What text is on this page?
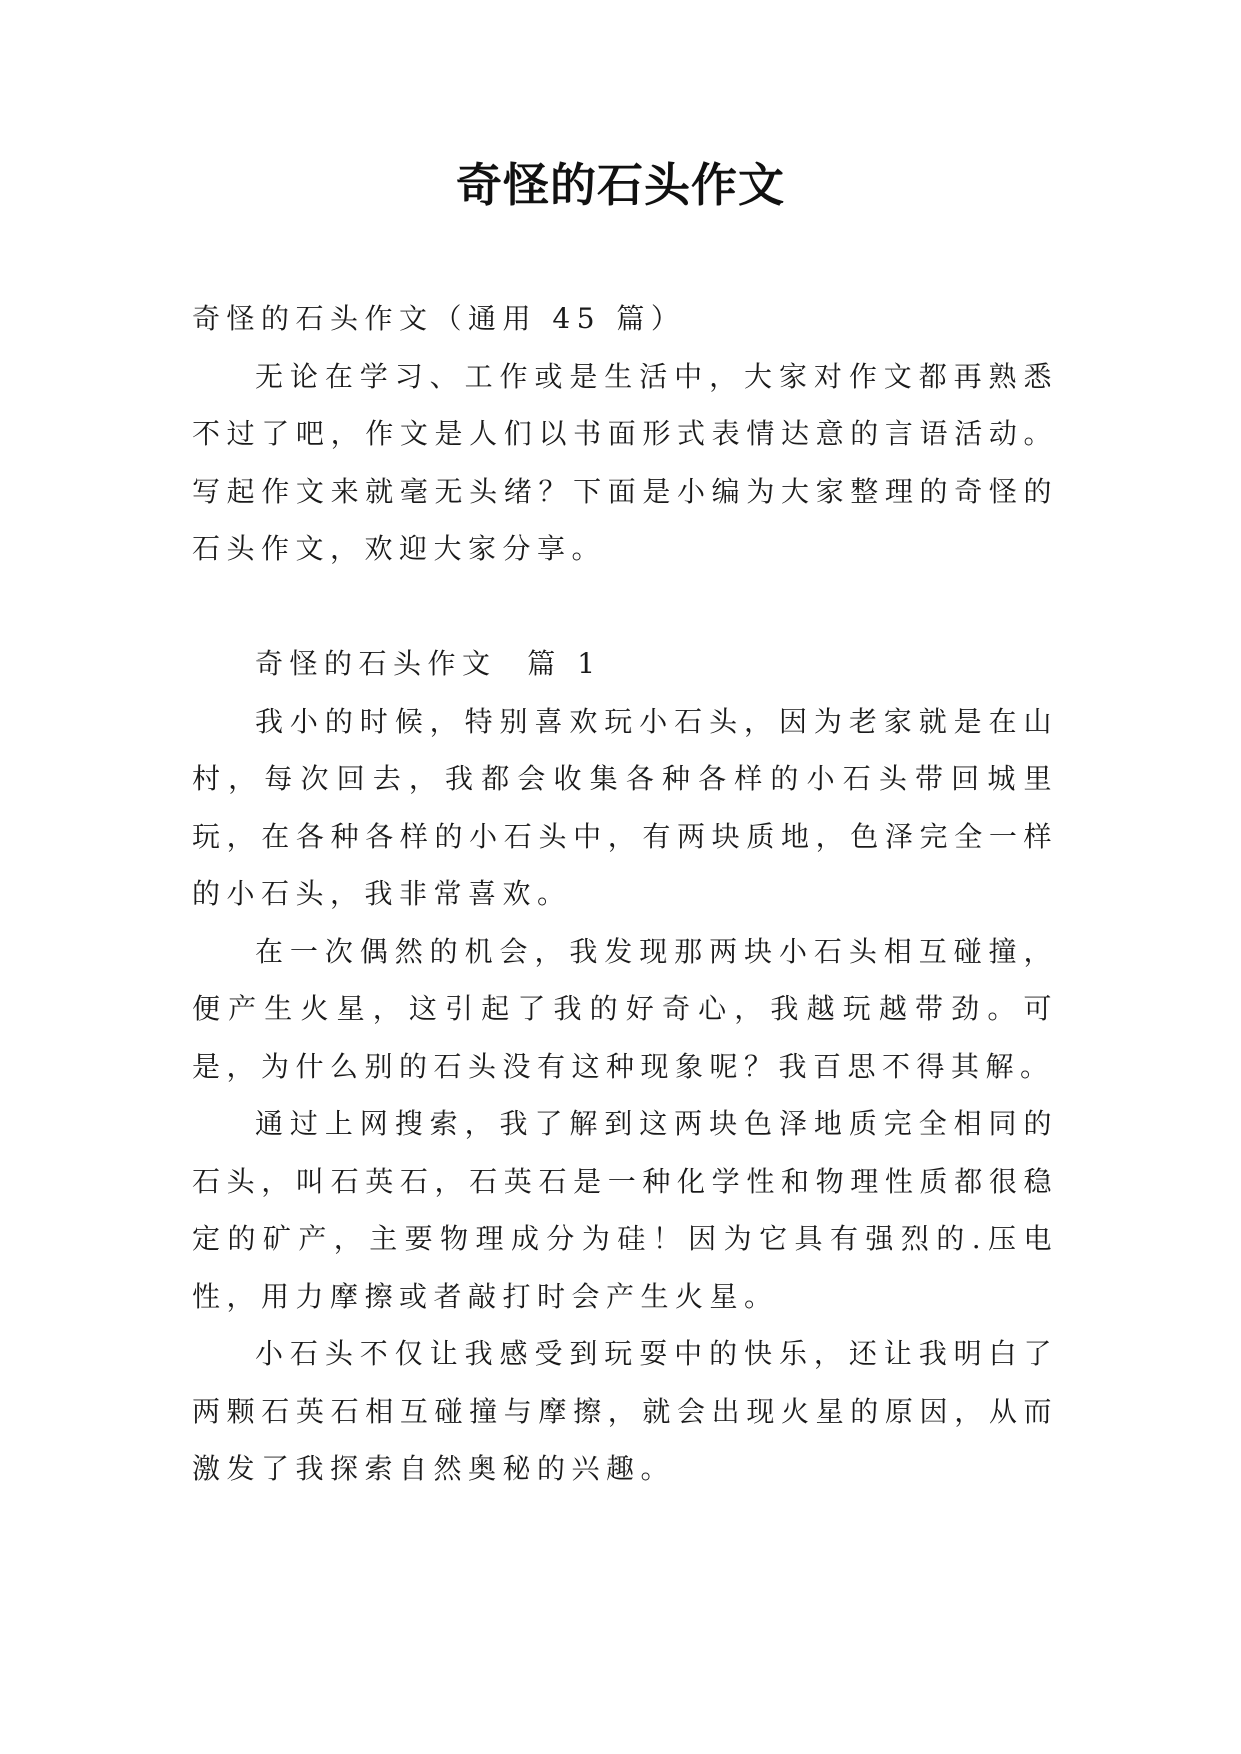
奇怪的石头作文

奇怪的石头作文（通用 45 篇）

无论在学习、工作或是生活中，大家对作文都再熟悉不过了吧，作文是人们以书面形式表情达意的言语活动。写起作文来就毫无头绪？下面是小编为大家整理的奇怪的石头作文，欢迎大家分享。

奇怪的石头作文  篇 1

我小的时候，特别喜欢玩小石头，因为老家就是在山村，每次回去，我都会收集各种各样的小石头带回城里玩，在各种各样的小石头中，有两块质地，色泽完全一样的小石头，我非常喜欢。

在一次偶然的机会，我发现那两块小石头相互碰撞，便产生火星，这引起了我的好奇心，我越玩越带劲。可是，为什么别的石头没有这种现象呢？我百思不得其解。

通过上网搜索，我了解到这两块色泽地质完全相同的石头，叫石英石，石英石是一种化学性和物理性质都很稳定的矿产，主要物理成分为硅！因为它具有强烈的.压电性，用力摩擦或者敲打时会产生火星。

小石头不仅让我感受到玩耍中的快乐，还让我明白了两颗石英石相互碰撞与摩擦，就会出现火星的原因，从而激发了我探索自然奥秘的兴趣。
